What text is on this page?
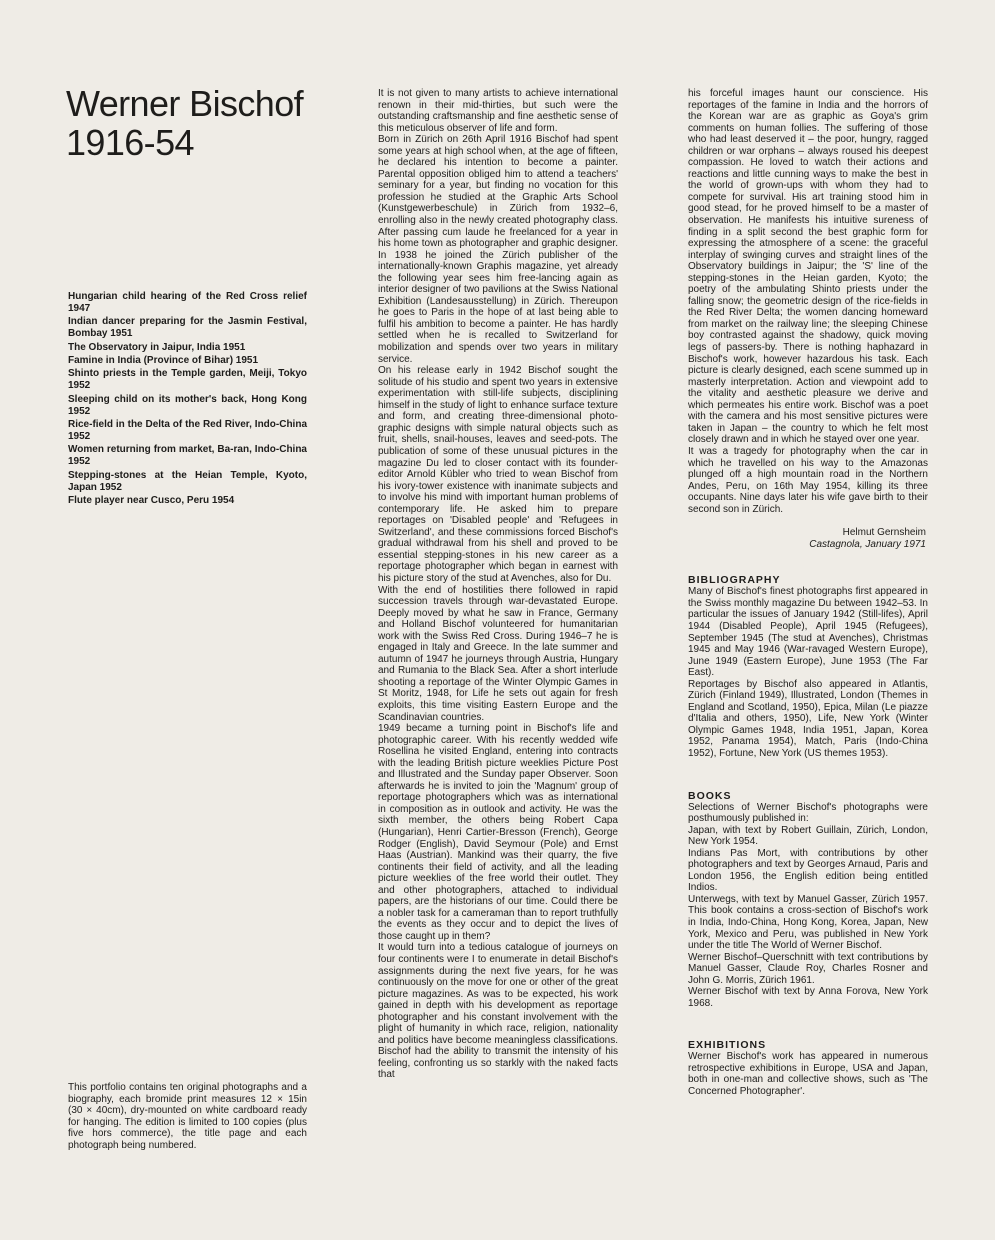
Werner Bischof
1916-54
Hungarian child hearing of the Red Cross relief 1947
Indian dancer preparing for the Jasmin Festival, Bombay 1951
The Observatory in Jaipur, India 1951
Famine in India (Province of Bihar) 1951
Shinto priests in the Temple garden, Meiji, Tokyo 1952
Sleeping child on its mother's back, Hong Kong 1952
Rice-field in the Delta of the Red River, Indo-China 1952
Women returning from market, Ba-ran, Indo-China 1952
Stepping-stones at the Heian Temple, Kyoto, Japan 1952
Flute player near Cusco, Peru 1954

This portfolio contains ten original photographs and a biography, each bromide print measures 12 × 15in (30 × 40cm), dry-mounted on white cardboard ready for hanging. The edition is limited to 100 copies (plus five hors commerce), the title page and each photograph being numbered.

It is not given to many artists to achieve international renown in their mid-thirties, but such were the outstanding craftsmanship and fine aesthetic sense of this meticulous observer of life and form.

Born in Zürich on 26th April 1916 Bischof had spent some years at high school when, at the age of fifteen, he declared his intention to become a painter. Parental opposition obliged him to attend a teachers' seminary for a year, but finding no vocation for this profession he studied at the Graphic Arts School (Kunstgewerbeschule) in Zürich from 1932–6, enrolling also in the newly created photography class. After passing cum laude he freelanced for a year in his home town as photographer and graphic designer. In 1938 he joined the Zürich publisher of the internationally-known Graphis magazine, yet already the following year sees him free-lancing again as interior designer of two pavilions at the Swiss National Exhibition (Landesausstellung) in Zürich. Thereupon he goes to Paris in the hope of at last being able to fulfil his ambition to become a painter. He has hardly settled when he is recalled to Switzerland for mobilization and spends over two years in military service.

On his release early in 1942 Bischof sought the solitude of his studio and spent two years in extensive experimentation with still-life subjects, disciplining himself in the study of light to enhance surface texture and form, and creating three-dimensional photo-graphic designs with simple natural objects such as fruit, shells, snail-houses, leaves and seed-pots. The publication of some of these unusual pictures in the magazine Du led to closer contact with its founder-editor Arnold Kübler who tried to wean Bischof from his ivory-tower existence with inanimate subjects and to involve his mind with important human problems of contemporary life. He asked him to prepare reportages on 'Disabled people' and 'Refugees in Switzerland', and these commissions forced Bischof's gradual withdrawal from his shell and proved to be essential stepping-stones in his new career as a reportage photographer which began in earnest with his picture story of the stud at Avenches, also for Du.

With the end of hostilities there followed in rapid succession travels through war-devastated Europe. Deeply moved by what he saw in France, Germany and Holland Bischof volunteered for humanitarian work with the Swiss Red Cross. During 1946–7 he is engaged in Italy and Greece. In the late summer and autumn of 1947 he journeys through Austria, Hungary and Rumania to the Black Sea. After a short interlude shooting a reportage of the Winter Olympic Games in St Moritz, 1948, for Life he sets out again for fresh exploits, this time visiting Eastern Europe and the Scandinavian countries.

1949 became a turning point in Bischof's life and photographic career. With his recently wedded wife Rosellina he visited England, entering into contracts with the leading British picture weeklies Picture Post and Illustrated and the Sunday paper Observer. Soon afterwards he is invited to join the 'Magnum' group of reportage photographers which was as international in composition as in outlook and activity. He was the sixth member, the others being Robert Capa (Hungarian), Henri Cartier-Bresson (French), George Rodger (English), David Seymour (Pole) and Ernst Haas (Austrian). Mankind was their quarry, the five continents their field of activity, and all the leading picture weeklies of the free world their outlet. They and other photographers, attached to individual papers, are the historians of our time. Could there be a nobler task for a cameraman than to report truthfully the events as they occur and to depict the lives of those caught up in them?

It would turn into a tedious catalogue of journeys on four continents were I to enumerate in detail Bischof's assignments during the next five years, for he was continuously on the move for one or other of the great picture magazines. As was to be expected, his work gained in depth with his development as reportage photographer and his constant involvement with the plight of humanity in which race, religion, nationality and politics have become meaningless classifications. Bischof had the ability to transmit the intensity of his feeling, confronting us so starkly with the naked facts that

his forceful images haunt our conscience. His reportages of the famine in India and the horrors of the Korean war are as graphic as Goya's grim comments on human follies. The suffering of those who had least deserved it – the poor, hungry, ragged children or war orphans – always roused his deepest compassion. He loved to watch their actions and reactions and little cunning ways to make the best in the world of grown-ups with whom they had to compete for survival. His art training stood him in good stead, for he proved himself to be a master of observation. He manifests his intuitive sureness of finding in a split second the best graphic form for expressing the atmosphere of a scene: the graceful interplay of swinging curves and straight lines of the Observatory buildings in Jaipur; the 'S' line of the stepping-stones in the Heian garden, Kyoto; the poetry of the ambulating Shinto priests under the falling snow; the geometric design of the rice-fields in the Red River Delta; the women dancing homeward from market on the railway line; the sleeping Chinese boy contrasted against the shadowy, quick moving legs of passers-by. There is nothing haphazard in Bischof's work, however hazardous his task. Each picture is clearly designed, each scene summed up in masterly interpretation. Action and viewpoint add to the vitality and aesthetic pleasure we derive and which permeates his entire work. Bischof was a poet with the camera and his most sensitive pictures were taken in Japan – the country to which he felt most closely drawn and in which he stayed over one year.

It was a tragedy for photography when the car in which he travelled on his way to the Amazonas plunged off a high mountain road in the Northern Andes, Peru, on 16th May 1954, killing its three occupants. Nine days later his wife gave birth to their second son in Zürich.

Helmut Gernsheim
Castagnola, January 1971
BIBLIOGRAPHY

Many of Bischof's finest photographs first appeared in the Swiss monthly magazine Du between 1942–53. In particular the issues of January 1942 (Still-lifes), April 1944 (Disabled People), April 1945 (Refugees), September 1945 (The stud at Avenches), Christmas 1945 and May 1946 (War-ravaged Western Europe), June 1949 (Eastern Europe), June 1953 (The Far East).

Reportages by Bischof also appeared in Atlantis, Zürich (Finland 1949), Illustrated, London (Themes in England and Scotland, 1950), Epica, Milan (Le piazze d'Italia and others, 1950), Life, New York (Winter Olympic Games 1948, India 1951, Japan, Korea 1952, Panama 1954), Match, Paris (Indo-China 1952), Fortune, New York (US themes 1953).

BOOKS

Selections of Werner Bischof's photographs were posthumously published in:

Japan, with text by Robert Guillain, Zürich, London, New York 1954.

Indians Pas Mort, with contributions by other photographers and text by Georges Arnaud, Paris and London 1956, the English edition being entitled Indios.

Unterwegs, with text by Manuel Gasser, Zürich 1957. This book contains a cross-section of Bischof's work in India, Indo-China, Hong Kong, Korea, Japan, New York, Mexico and Peru, was published in New York under the title The World of Werner Bischof.

Werner Bischof–Querschnitt with text contributions by Manuel Gasser, Claude Roy, Charles Rosner and John G. Morris, Zürich 1961.

Werner Bischof with text by Anna Forova, New York 1968.

EXHIBITIONS

Werner Bischof's work has appeared in numerous retrospective exhibitions in Europe, USA and Japan, both in one-man and collective shows, such as 'The Concerned Photographer'.
